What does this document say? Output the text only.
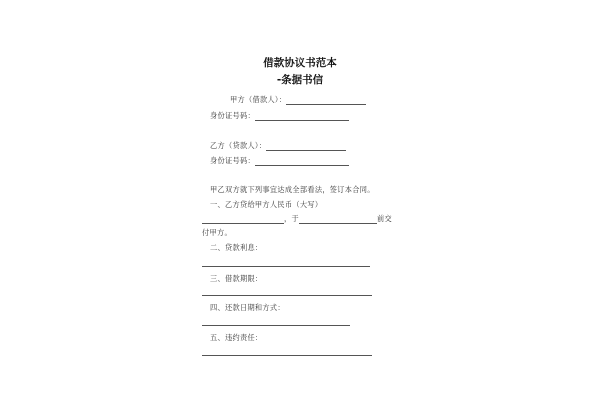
借款协议书范本
-条据书信
甲方（借款人）：
身份证号码：
乙方（贷款人）：
身份证号码：
甲乙双方就下列事宜达成全部看法，签订本合同。
一、乙方贷给甲方人民币（大写）
，于	前交
付甲方。
二、贷款利息：
三、借款期限：
四、还款日期和方式：
五、违约责任：
